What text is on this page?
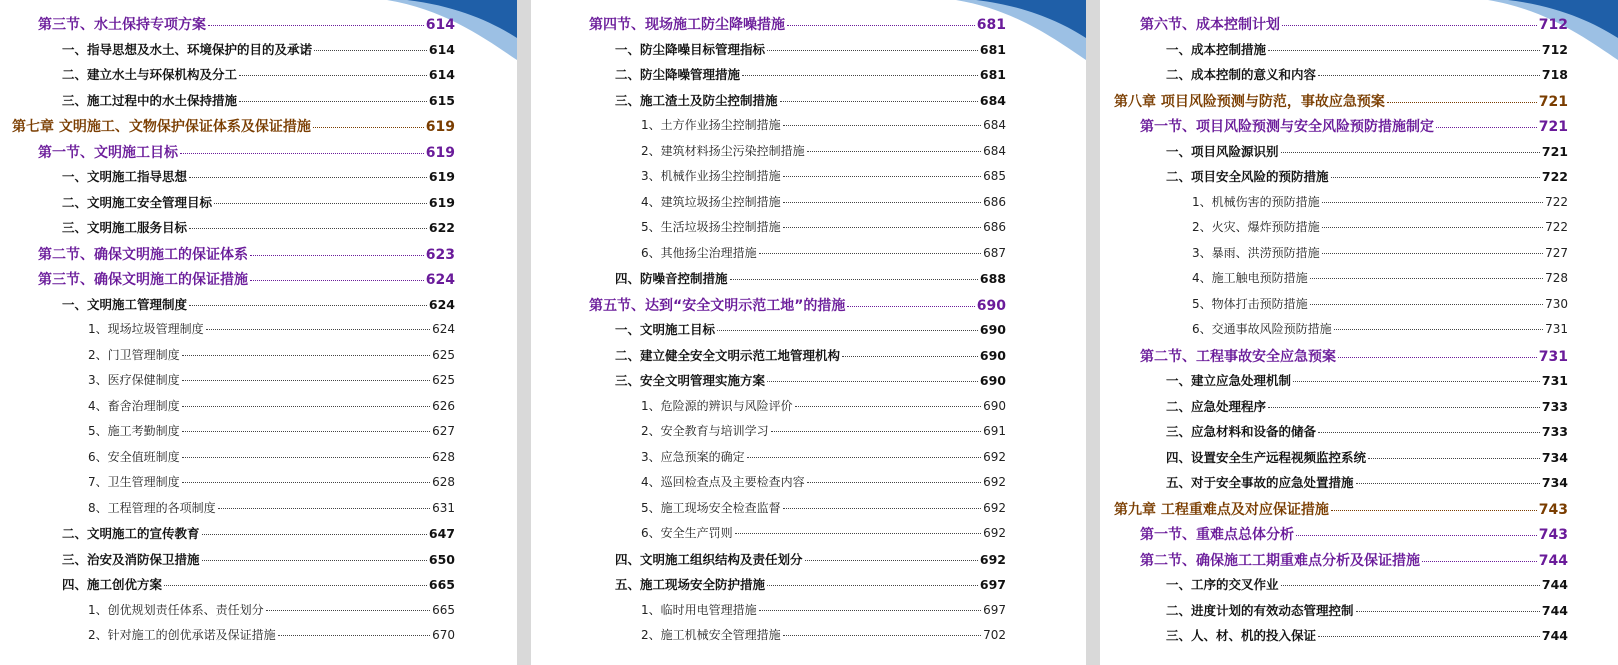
第三节、水土保持专项方案	614
一、指导思想及水土、环境保护的目的及承诺	614
二、建立水土与环保机构及分工	614
三、施工过程中的水土保持措施	615
第七章 文明施工、文物保护保证体系及保证措施	619
第一节、文明施工目标	619
一、文明施工指导思想	619
二、文明施工安全管理目标	619
三、文明施工服务目标	622
第二节、确保文明施工的保证体系	623
第三节、确保文明施工的保证措施	624
一、文明施工管理制度	624
1、现场垃圾管理制度	624
2、门卫管理制度	625
3、医疗保健制度	625
4、畜舍治理制度	626
5、施工考勤制度	627
6、安全值班制度	628
7、卫生管理制度	628
8、工程管理的各项制度	631
二、文明施工的宣传教育	647
三、治安及消防保卫措施	650
四、施工创优方案	665
1、创优规划责任体系、责任划分	665
2、针对施工的创优承诺及保证措施	670
第四节、现场施工防尘降噪措施	681
一、防尘降噪目标管理指标	681
二、防尘降噪管理措施	681
三、施工渣土及防尘控制措施	684
1、土方作业扬尘控制措施	684
2、建筑材料扬尘污染控制措施	684
3、机械作业扬尘控制措施	685
4、建筑垃圾扬尘控制措施	686
5、生活垃圾扬尘控制措施	686
6、其他扬尘治理措施	687
四、防噪音控制措施	688
第五节、达到“安全文明示范工地”的措施	690
一、文明施工目标	690
二、建立健全安全文明示范工地管理机构	690
三、安全文明管理实施方案	690
1、危险源的辨识与风险评价	690
2、安全教育与培训学习	691
3、应急预案的确定	692
4、巡回检查点及主要检查内容	692
5、施工现场安全检查监督	692
6、安全生产罚则	692
四、文明施工组织结构及责任划分	692
五、施工现场安全防护措施	697
1、临时用电管理措施	697
2、施工机械安全管理措施	702
第六节、成本控制计划	712
一、成本控制措施	712
二、成本控制的意义和内容	718
第八章 项目风险预测与防范，事故应急预案	721
第一节、项目风险预测与安全风险预防措施制定	721
一、项目风险源识别	721
二、项目安全风险的预防措施	722
1、机械伤害的预防措施	722
2、火灾、爆炸预防措施	722
3、暴雨、洪涝预防措施	727
4、施工触电预防措施	728
5、物体打击预防措施	730
6、交通事故风险预防措施	731
第二节、工程事故安全应急预案	731
一、建立应急处理机制	731
二、应急处理程序	733
三、应急材料和设备的储备	733
四、设置安全生产远程视频监控系统	734
五、对于安全事故的应急处置措施	734
第九章 工程重难点及对应保证措施	743
第一节、重难点总体分析	743
第二节、确保施工工期重难点分析及保证措施	744
一、工序的交叉作业	744
二、进度计划的有效动态管理控制	744
三、人、材、机的投入保证	744
